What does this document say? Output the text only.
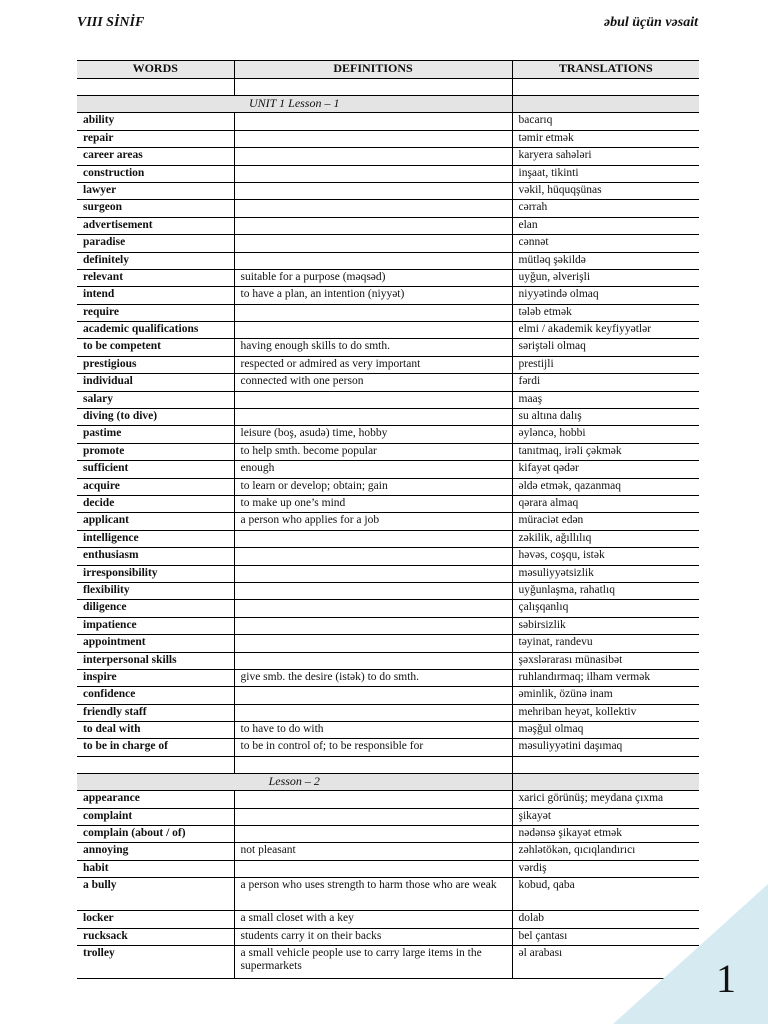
VIII SİNİF	əbul üçün vəsait
WORDS	DEFINITIONS	TRANSLATIONS

UNIT 1 Lesson – 1		
ability		bacarıq
repair		təmir etmək
career areas		karyera sahələri
construction		inşaat, tikinti
lawyer		vəkil, hüquqşünas
surgeon		cərrah
advertisement		elan
paradise		cənnət
definitely		mütləq şəkildə
relevant	suitable for a purpose (məqsəd)	uyğun, əlverişli
intend	to have a plan, an intention (niyyət)	niyyətində olmaq
require		tələb etmək
academic qualifications		elmi / akademik keyfiyyətlər
to be competent	having enough skills to do smth.	səriştəli olmaq
prestigious	respected or admired as very important	prestijli
individual	connected with one person	fərdi
salary		maaş
diving (to dive)		su altına dalış
pastime	leisure (boş, asudə) time, hobby	əyləncə, hobbi
promote	to help smth. become popular	tanıtmaq, irəli çəkmək
sufficient	enough	kifayət qədər
acquire	to learn or develop; obtain; gain	əldə etmək, qazanmaq
decide	to make up one’s mind	qərara almaq
applicant	a person who applies for a job	müraciət edən
intelligence		zəkilik, ağıllılıq
enthusiasm		həvəs, coşqu, istək
irresponsibility		məsuliyyətsizlik
flexibility		uyğunlaşma, rahatlıq
diligence		çalışqanlıq
impatience		səbirsizlik
appointment		təyinat, randevu
interpersonal skills		şəxslərarası münasibət
inspire	give smb. the desire (istək) to do smth.	ruhlandırmaq; ilham vermək
confidence		əminlik, özünə inam
friendly staff		mehriban heyət, kollektiv
to deal with	to have to do with	məşğul olmaq
to be in charge of	to be in control of; to be responsible for	məsuliyyətini daşımaq

Lesson – 2		
appearance		xarici görünüş; meydana çıxma
complaint		şikayət
complain (about / of)		nədənsə şikayət etmək
annoying	not pleasant	zəhlətökən, qıcıqlandırıcı
habit		vərdiş
a bully	a person who uses strength to harm those who are weak	kobud, qaba
locker	a small closet with a key	dolab
rucksack	students carry it on their backs	bel çantası
trolley	a small vehicle people use to carry large items in the supermarkets	əl arabası
1
